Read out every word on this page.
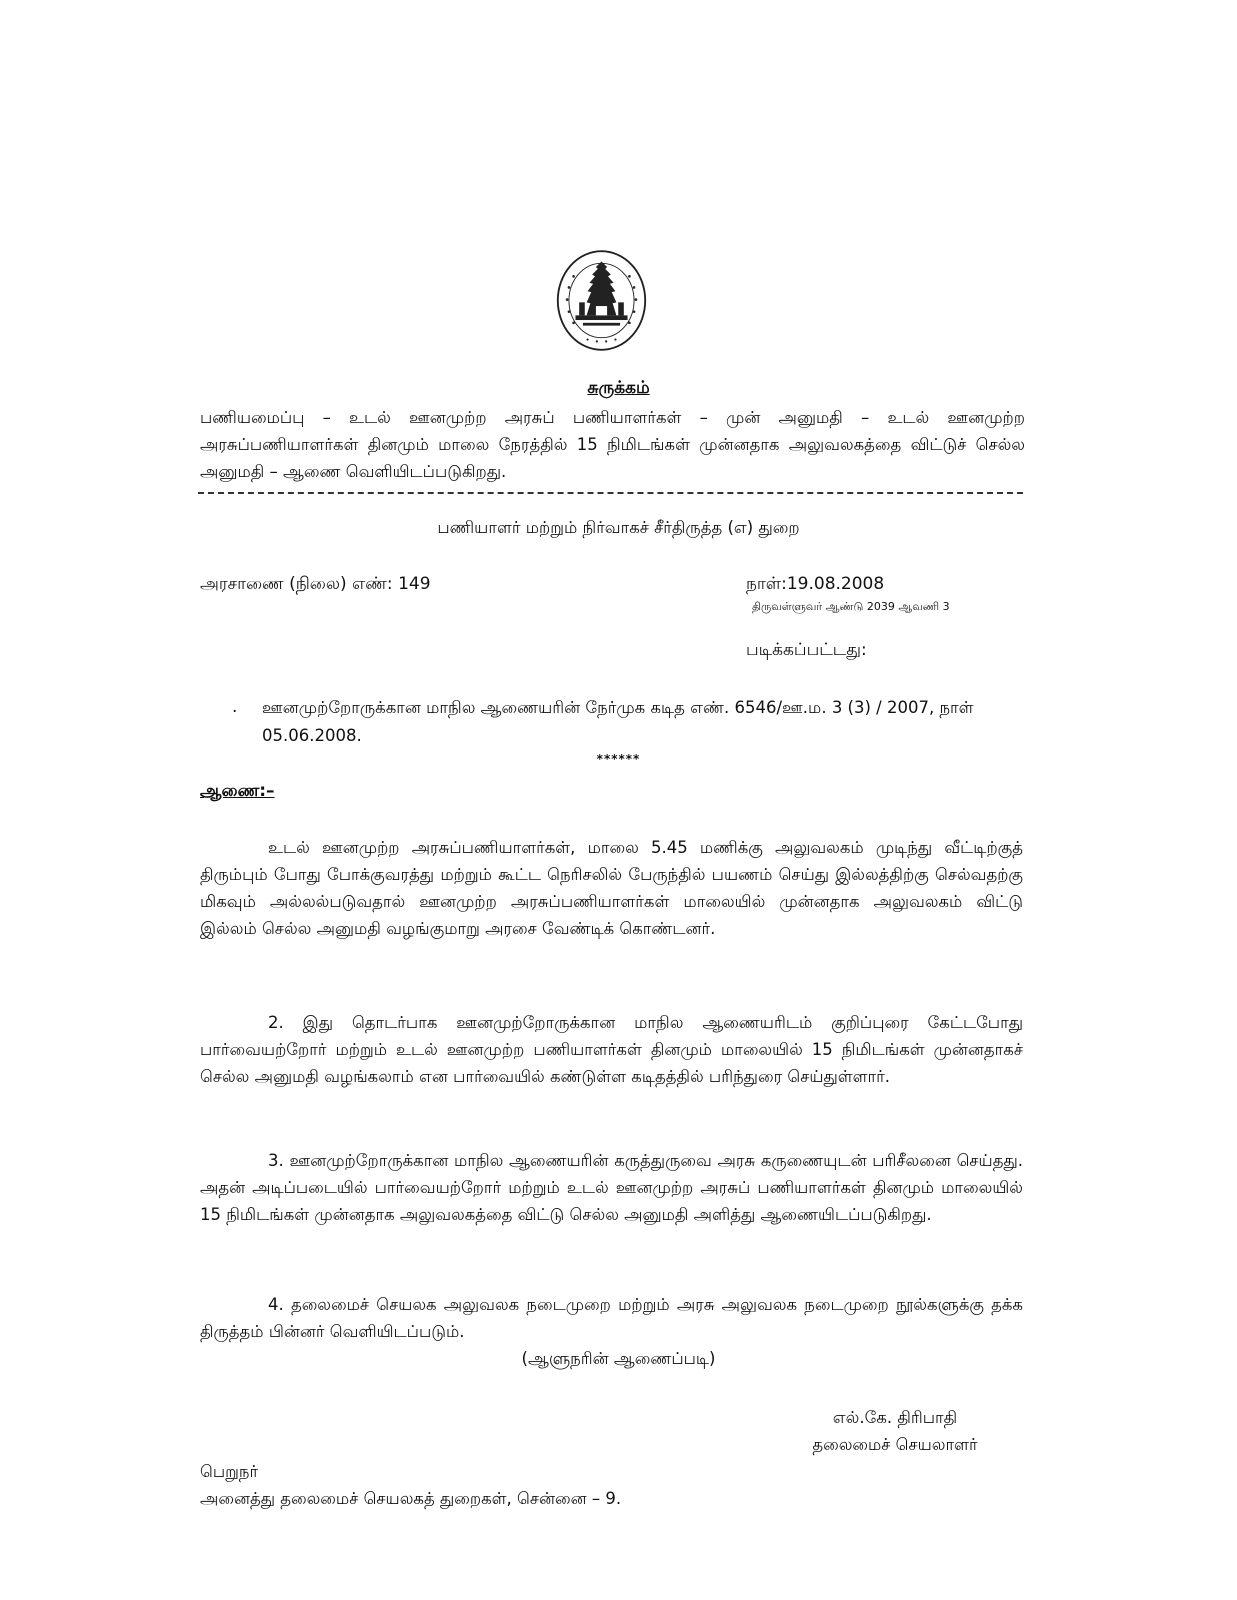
சுருக்கம்
பணியமைப்பு – உடல் ஊனமுற்ற அரசுப் பணியாளர்கள் – முன் அனுமதி – உடல் ஊனமுற்ற அரசுப்பணியாளர்கள் தினமும் மாலை நேரத்தில் 15 நிமிடங்கள் முன்னதாக அலுவலகத்தை விட்டுச் செல்ல அனுமதி – ஆணை வெளியிடப்படுகிறது.
பணியாளர் மற்றும் நிர்வாகச் சீர்திருத்த (எ) துறை
அரசாணை (நிலை) எண்: 149	நாள்:19.08.2008
திருவள்ளுவர் ஆண்டு 2039 ஆவணி 3
படிக்கப்பட்டது:
. ஊனமுற்றோருக்கான மாநில ஆணையரின் நேர்முக கடித எண். 6546/ஊ.ம. 3 (3) / 2007, நாள் 05.06.2008.
******
ஆணை:–

உடல் ஊனமுற்ற அரசுப்பணியாளர்கள், மாலை 5.45 மணிக்கு அலுவலகம் முடிந்து வீட்டிற்குத் திரும்பும் போது போக்குவரத்து மற்றும் கூட்ட நெரிசலில் பேருந்தில் பயணம் செய்து இல்லத்திற்கு செல்வதற்கு மிகவும் அல்லல்படுவதால் ஊனமுற்ற அரசுப்பணியாளர்கள் மாலையில் முன்னதாக அலுவலகம் விட்டு இல்லம் செல்ல அனுமதி வழங்குமாறு அரசை வேண்டிக் கொண்டனர்.

2. இது தொடர்பாக ஊனமுற்றோருக்கான மாநில ஆணையரிடம் குறிப்புரை கேட்டபோது பார்வையற்றோர் மற்றும் உடல் ஊனமுற்ற பணியாளர்கள் தினமும் மாலையில் 15 நிமிடங்கள் முன்னதாகச் செல்ல அனுமதி வழங்கலாம் என பார்வையில் கண்டுள்ள கடிதத்தில் பரிந்துரை செய்துள்ளார்.

3. ஊனமுற்றோருக்கான மாநில ஆணையரின் கருத்துருவை அரசு கருணையுடன் பரிசீலனை செய்தது. அதன் அடிப்படையில் பார்வையற்றோர் மற்றும் உடல் ஊனமுற்ற அரசுப் பணியாளர்கள் தினமும் மாலையில் 15 நிமிடங்கள் முன்னதாக அலுவலகத்தை விட்டு செல்ல அனுமதி அளித்து ஆணையிடப்படுகிறது.

4. தலைமைச் செயலக அலுவலக நடைமுறை மற்றும் அரசு அலுவலக நடைமுறை நூல்களுக்கு தக்க திருத்தம் பின்னர் வெளியிடப்படும்.

(ஆளுநரின் ஆணைப்படி)
எல்.கே. திரிபாதி
தலைமைச் செயலாளர்
பெறுநர்
அனைத்து தலைமைச் செயலகத் துறைகள், சென்னை – 9.
